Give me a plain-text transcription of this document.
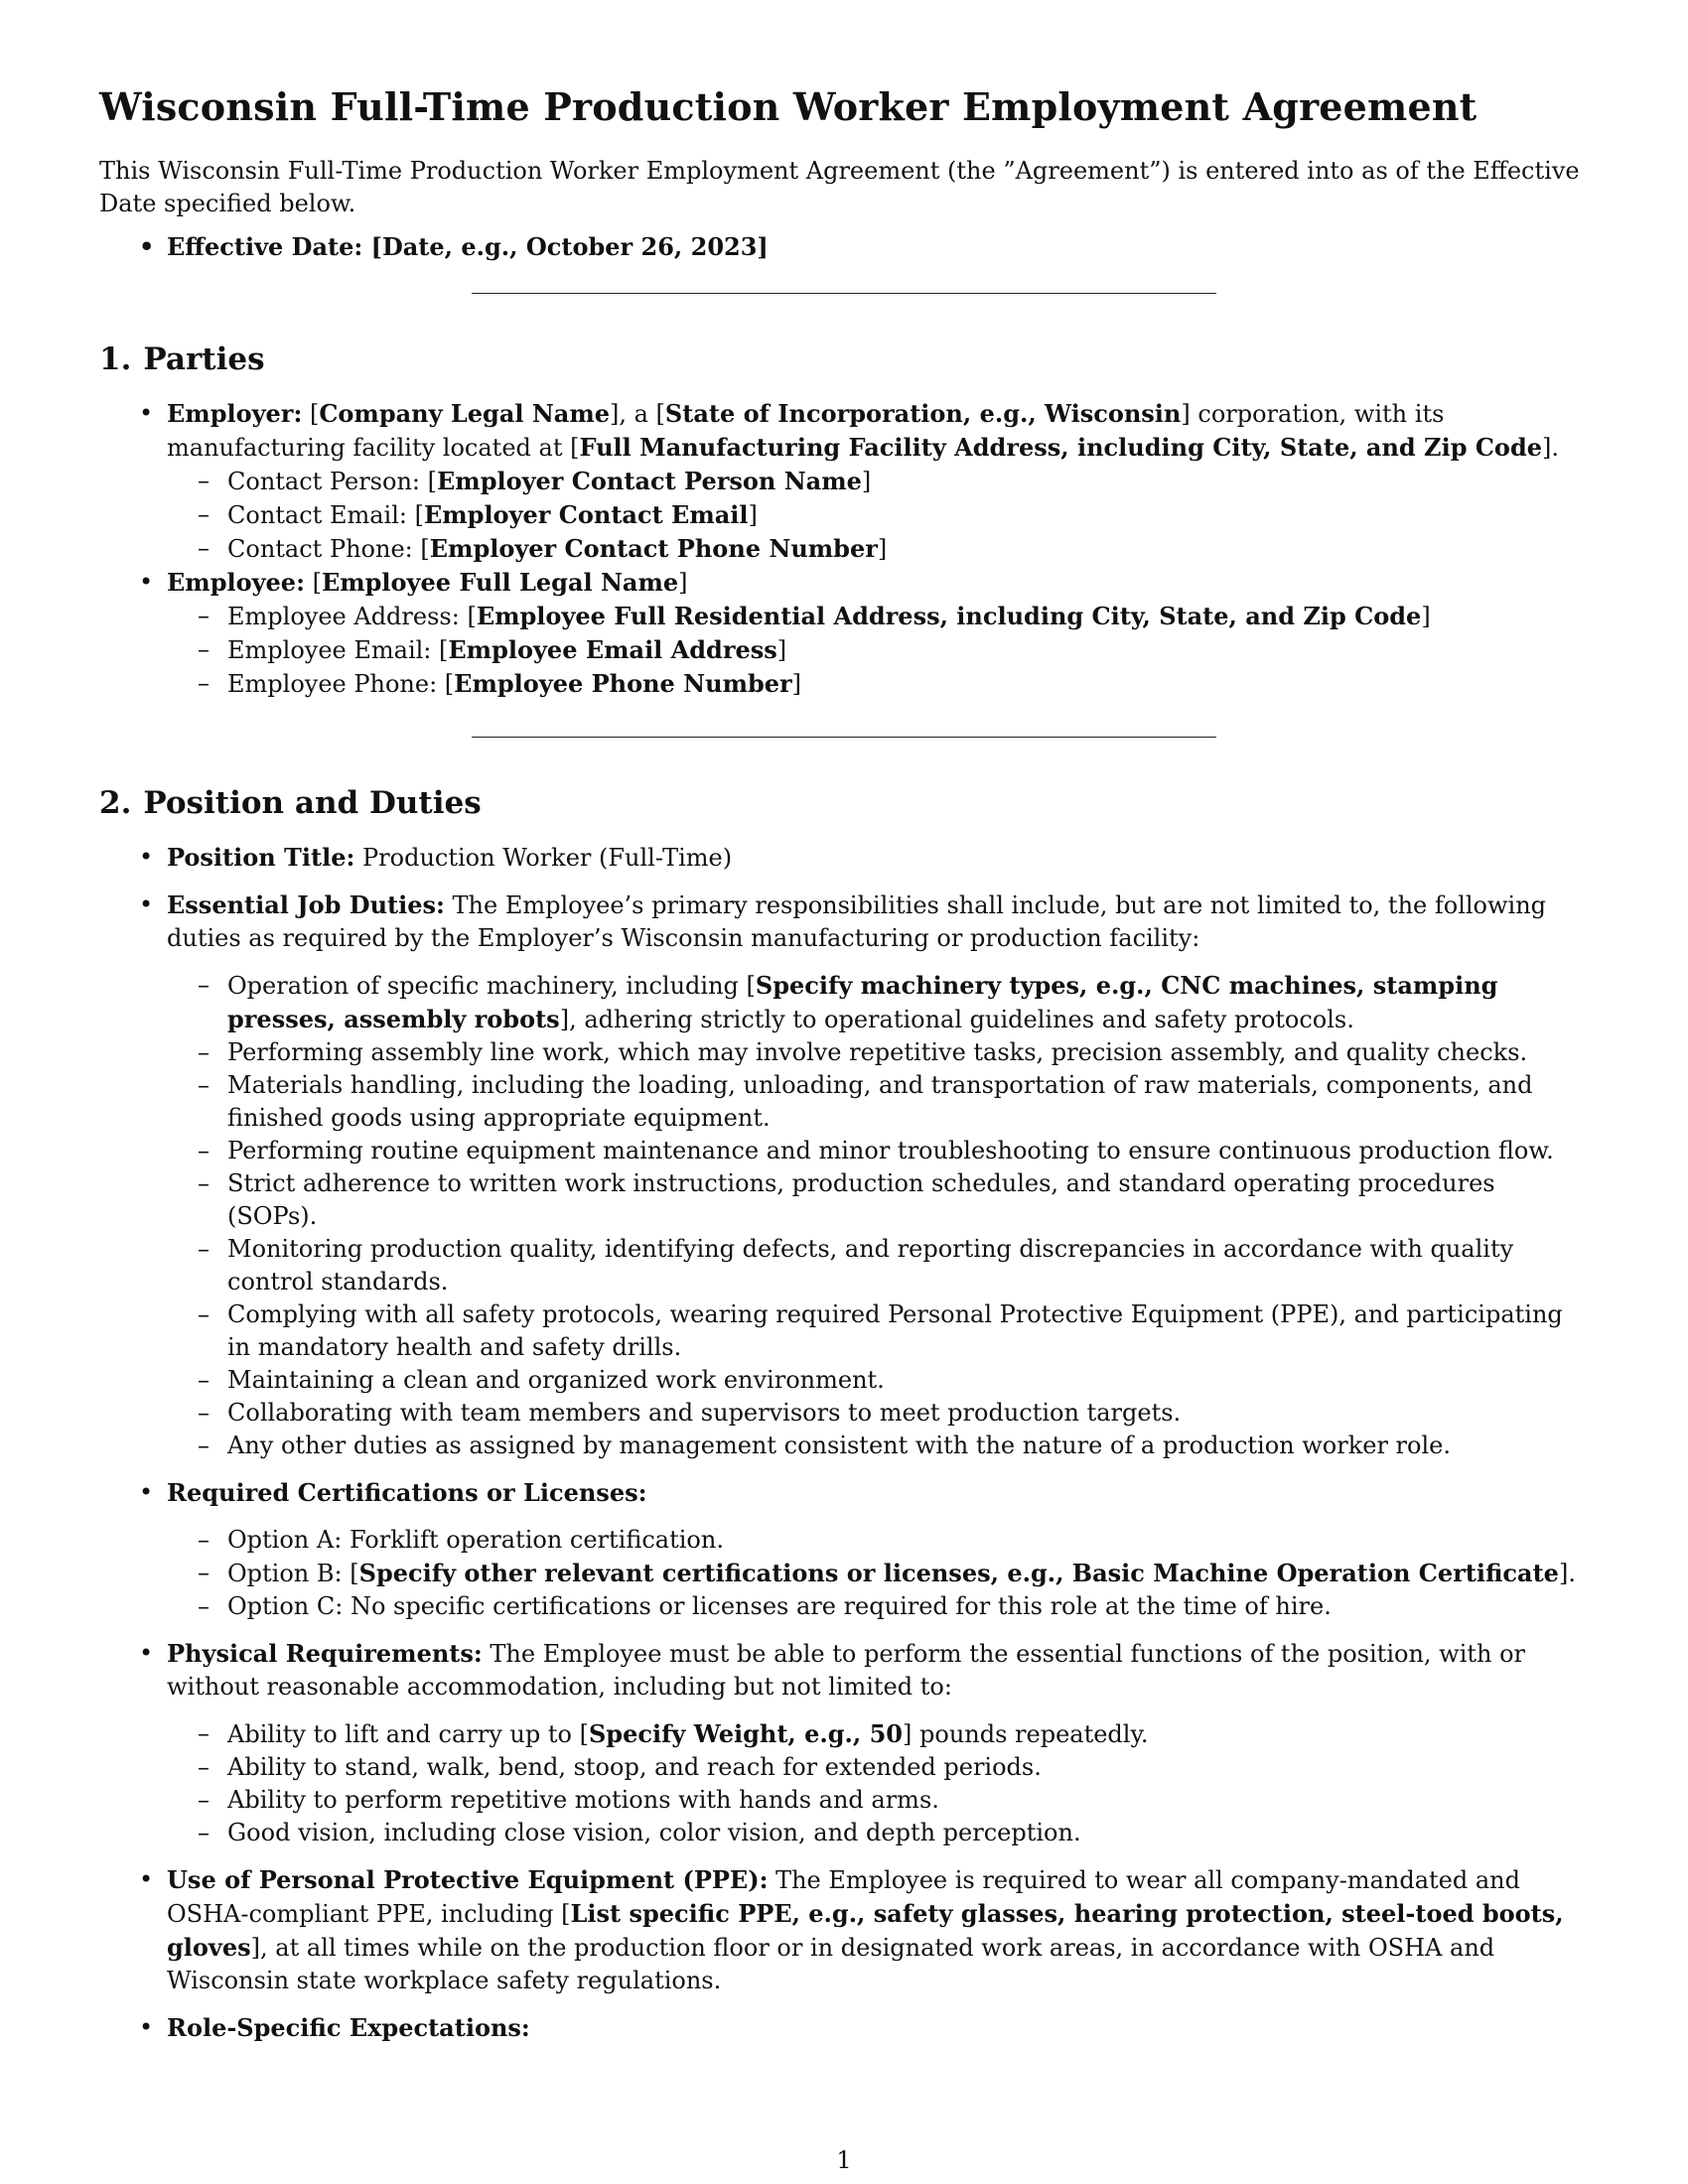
Wisconsin Full-Time Production Worker Employment Agreement

This Wisconsin Full-Time Production Worker Employment Agreement (the ”Agreement”) is entered into as of the Effective Date specified below.

• Effective Date: [Date, e.g., October 26, 2023]
1. Parties
• Employer: [Company Legal Name], a [State of Incorporation, e.g., Wisconsin] corporation, with its manufacturing facility located at [Full Manufacturing Facility Address, including City, State, and Zip Code].
– Contact Person: [Employer Contact Person Name]
– Contact Email: [Employer Contact Email]
– Contact Phone: [Employer Contact Phone Number]
• Employee: [Employee Full Legal Name]
– Employee Address: [Employee Full Residential Address, including City, State, and Zip Code]
– Employee Email: [Employee Email Address]
– Employee Phone: [Employee Phone Number]
2. Position and Duties
• Position Title: Production Worker (Full-Time)
• Essential Job Duties: The Employee’s primary responsibilities shall include, but are not limited to, the following duties as required by the Employer’s Wisconsin manufacturing or production facility:
– Operation of specific machinery, including [Specify machinery types, e.g., CNC machines, stamping presses, assembly robots], adhering strictly to operational guidelines and safety protocols.
– Performing assembly line work, which may involve repetitive tasks, precision assembly, and quality checks.
– Materials handling, including the loading, unloading, and transportation of raw materials, components, and finished goods using appropriate equipment.
– Performing routine equipment maintenance and minor troubleshooting to ensure continuous production flow.
– Strict adherence to written work instructions, production schedules, and standard operating procedures (SOPs).
– Monitoring production quality, identifying defects, and reporting discrepancies in accordance with quality control standards.
– Complying with all safety protocols, wearing required Personal Protective Equipment (PPE), and participating in mandatory health and safety drills.
– Maintaining a clean and organized work environment.
– Collaborating with team members and supervisors to meet production targets.
– Any other duties as assigned by management consistent with the nature of a production worker role.
• Required Certifications or Licenses:
– Option A: Forklift operation certification.
– Option B: [Specify other relevant certifications or licenses, e.g., Basic Machine Operation Certificate].
– Option C: No specific certifications or licenses are required for this role at the time of hire.
• Physical Requirements: The Employee must be able to perform the essential functions of the position, with or without reasonable accommodation, including but not limited to:
– Ability to lift and carry up to [Specify Weight, e.g., 50] pounds repeatedly.
– Ability to stand, walk, bend, stoop, and reach for extended periods.
– Ability to perform repetitive motions with hands and arms.
– Good vision, including close vision, color vision, and depth perception.
• Use of Personal Protective Equipment (PPE): The Employee is required to wear all company-mandated and OSHA-compliant PPE, including [List specific PPE, e.g., safety glasses, hearing protection, steel-toed boots, gloves], at all times while on the production floor or in designated work areas, in accordance with OSHA and Wisconsin state workplace safety regulations.
• Role-Specific Expectations:
1
